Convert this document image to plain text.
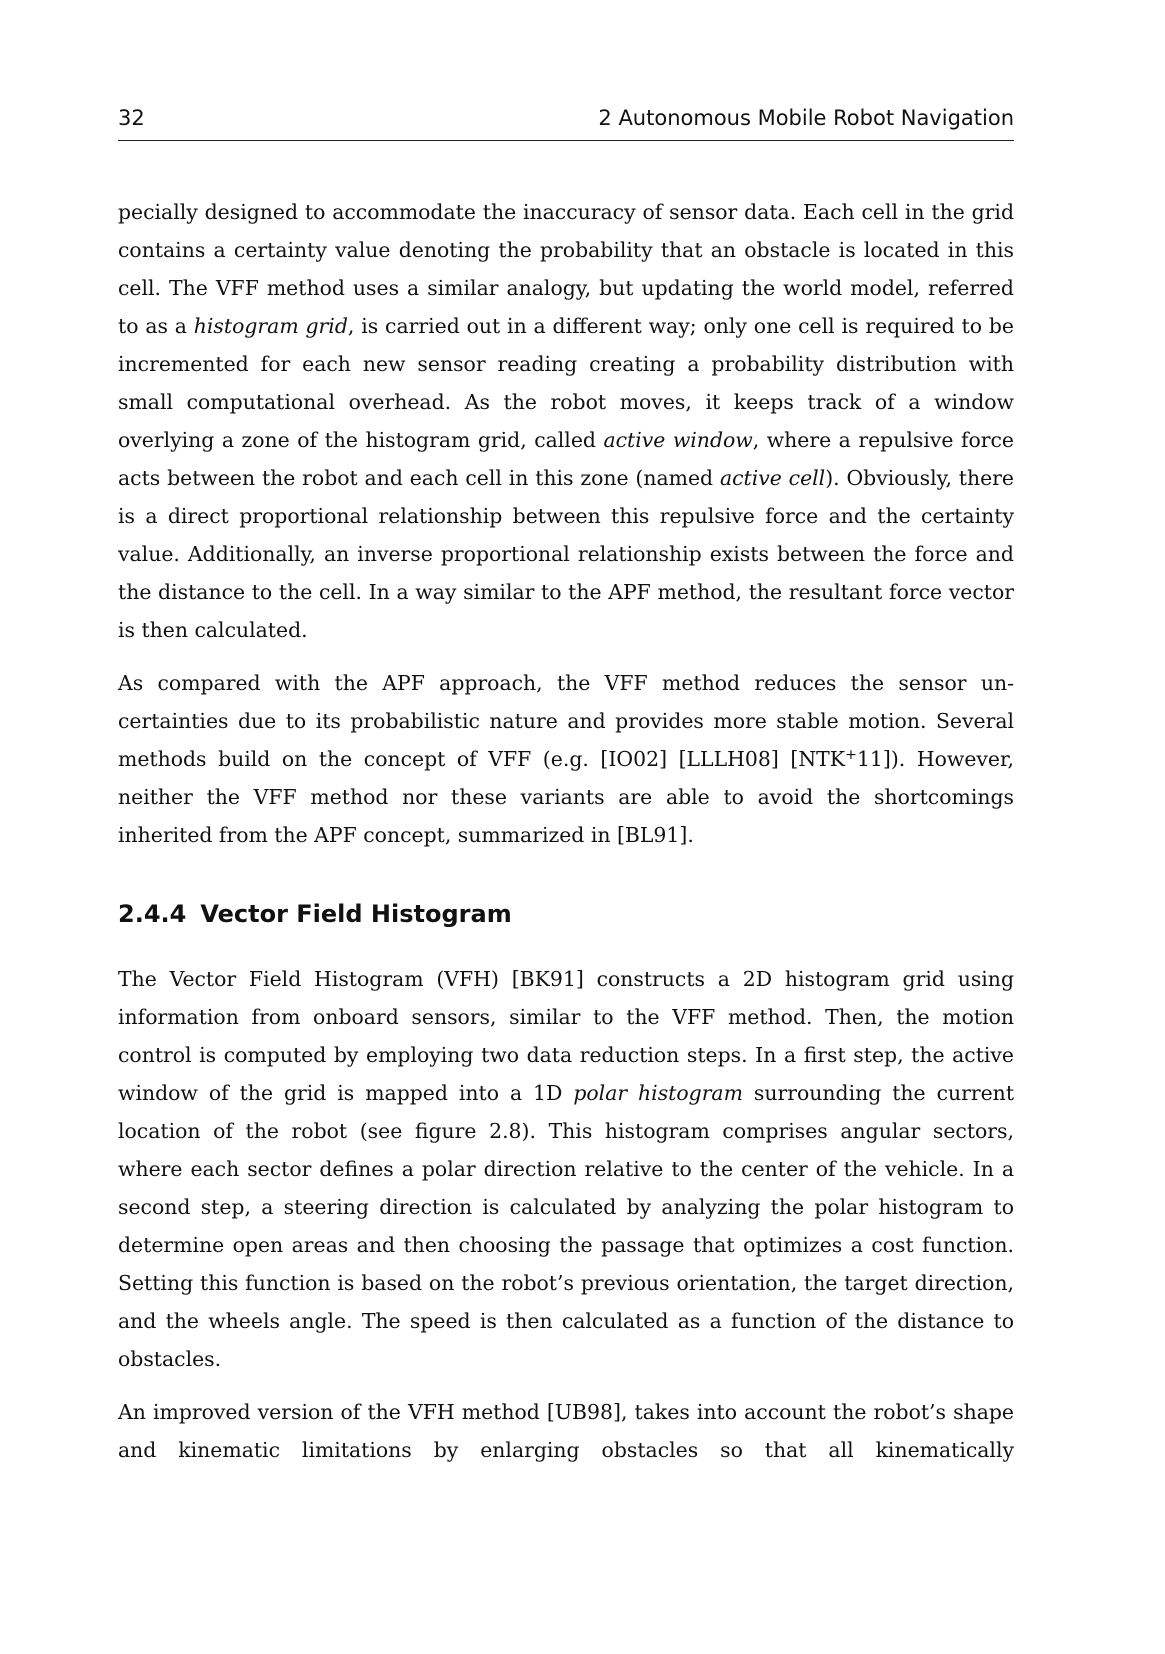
32	2 Autonomous Mobile Robot Navigation

pecially designed to accommodate the inaccuracy of sensor data. Each cell in the grid contains a certainty value denoting the probability that an obstacle is located in this cell. The VFF method uses a similar analogy, but updating the world model, referred to as a histogram grid, is carried out in a different way; only one cell is required to be incremented for each new sensor reading creating a probability distribution with small computational overhead. As the robot moves, it keeps track of a window overlying a zone of the histogram grid, called active window, where a repulsive force acts between the robot and each cell in this zone (named active cell). Obviously, there is a direct proportional relationship between this repulsive force and the certainty value. Additionally, an inverse proportional relationship exists between the force and the distance to the cell. In a way similar to the APF method, the resultant force vector is then calculated.

As compared with the APF approach, the VFF method reduces the sensor uncertainties due to its probabilistic nature and provides more stable motion. Several methods build on the concept of VFF (e.g. [IO02] [LLLH08] [NTK+11]). However, neither the VFF method nor these variants are able to avoid the shortcomings inherited from the APF concept, summarized in [BL91].

2.4.4 Vector Field Histogram

The Vector Field Histogram (VFH) [BK91] constructs a 2D histogram grid using information from onboard sensors, similar to the VFF method. Then, the motion control is computed by employing two data reduction steps. In a first step, the active window of the grid is mapped into a 1D polar histogram surrounding the current location of the robot (see figure 2.8). This histogram comprises angular sectors, where each sector defines a polar direction relative to the center of the vehicle. In a second step, a steering direction is calculated by analyzing the polar histogram to determine open areas and then choosing the passage that optimizes a cost function. Setting this function is based on the robot’s previous orientation, the target direction, and the wheels angle. The speed is then calculated as a function of the distance to obstacles.

An improved version of the VFH method [UB98], takes into account the robot’s shape and kinematic limitations by enlarging obstacles so that all kinematically
